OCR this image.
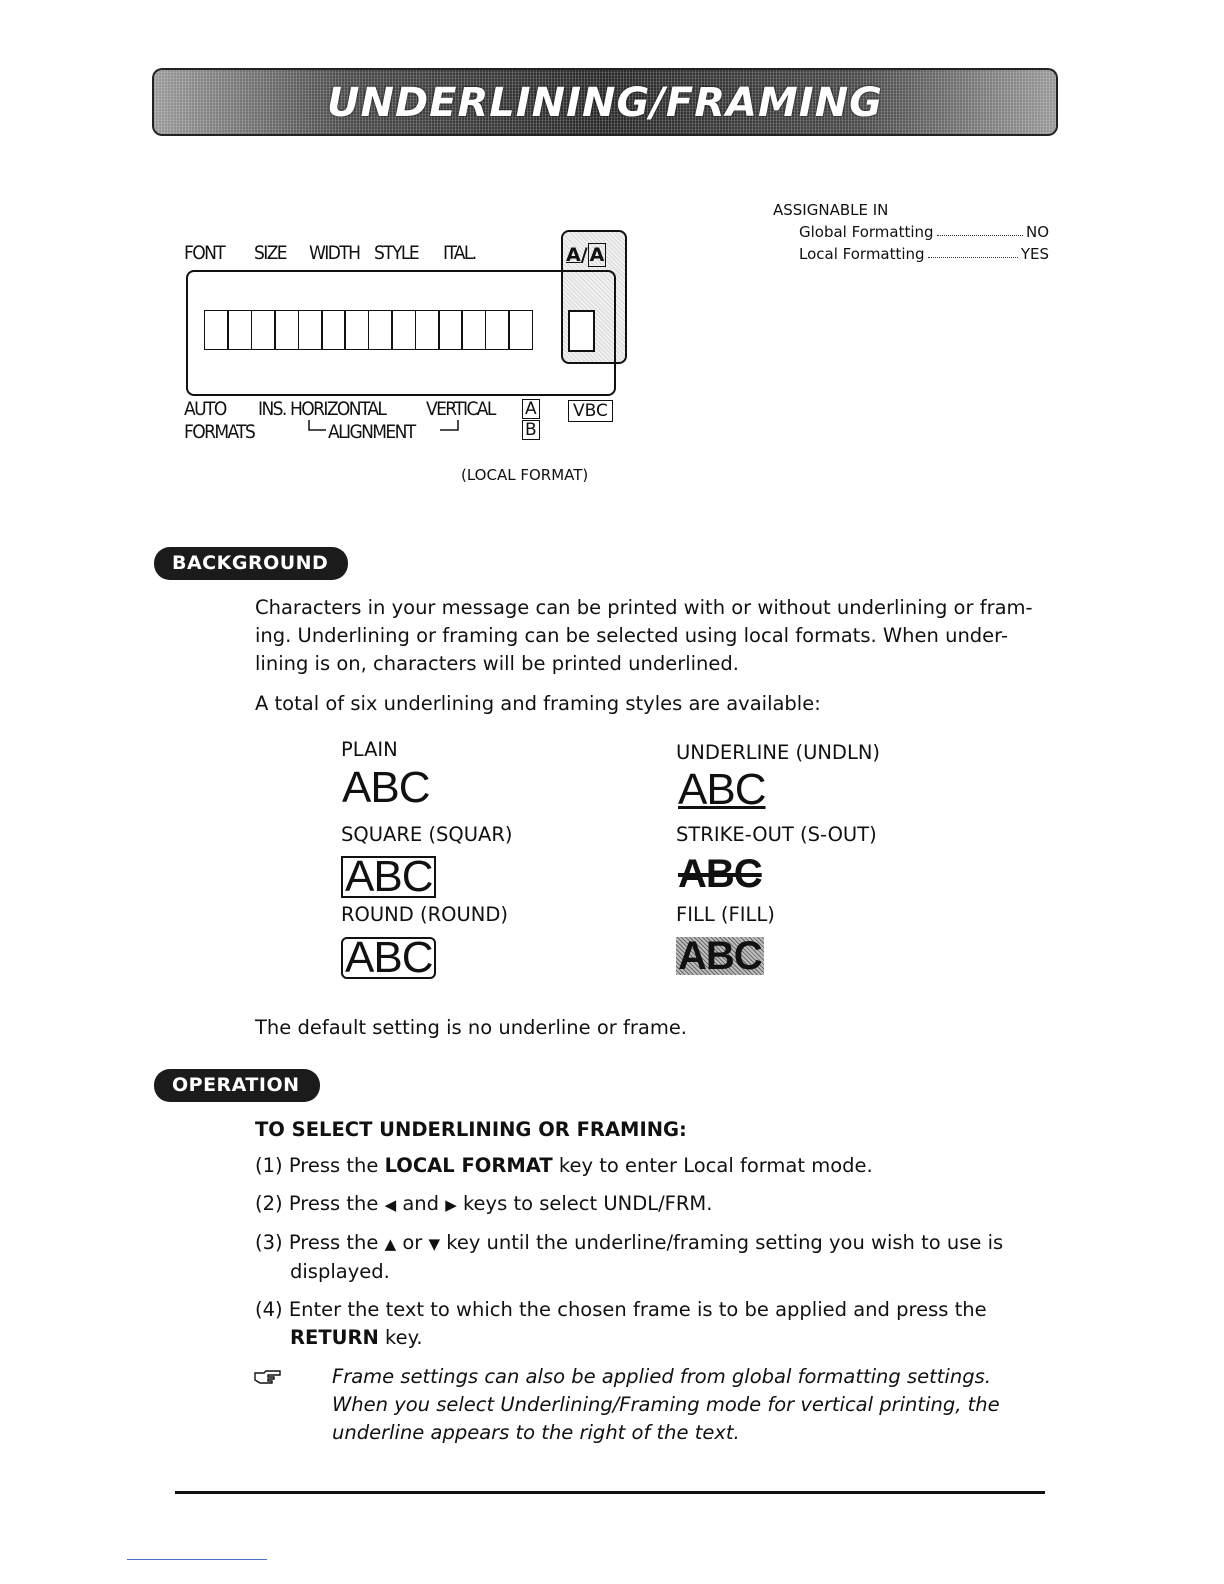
UNDERLINING/FRAMING
FONT SIZE WIDTH STYLE ITAL.	A/ A
AUTO INS. HORIZONTAL VERTICAL
FORMATS	ALIGNMENT
A B
VBC
(LOCAL FORMAT)
ASSIGNABLE IN
Global Formatting	NO
Local Formatting	YES
BACKGROUND
Characters in your message can be printed with or without underlining or fram-
ing. Underlining or framing can be selected using local formats. When under-
lining is on, characters will be printed underlined.
A total of six underlining and framing styles are available:
PLAIN
ABC
UNDERLINE (UNDLN)
ABC
SQUARE (SQUAR)
ABC
STRIKE-OUT (S-OUT)
ABC
ROUND (ROUND)
ABC
FILL (FILL)
ABC
The default setting is no underline or frame.
OPERATION
TO SELECT UNDERLINING OR FRAMING:
(1) Press the LOCAL FORMAT key to enter Local format mode.
(2) Press the ◀ and ▶ keys to select UNDL/FRM.
(3) Press the ▲ or ▼ key until the underline/framing setting you wish to use is
displayed.
(4) Enter the text to which the chosen frame is to be applied and press the
RETURN key.
Frame settings can also be applied from global formatting settings.
When you select Underlining/Framing mode for vertical printing, the
underline appears to the right of the text.
